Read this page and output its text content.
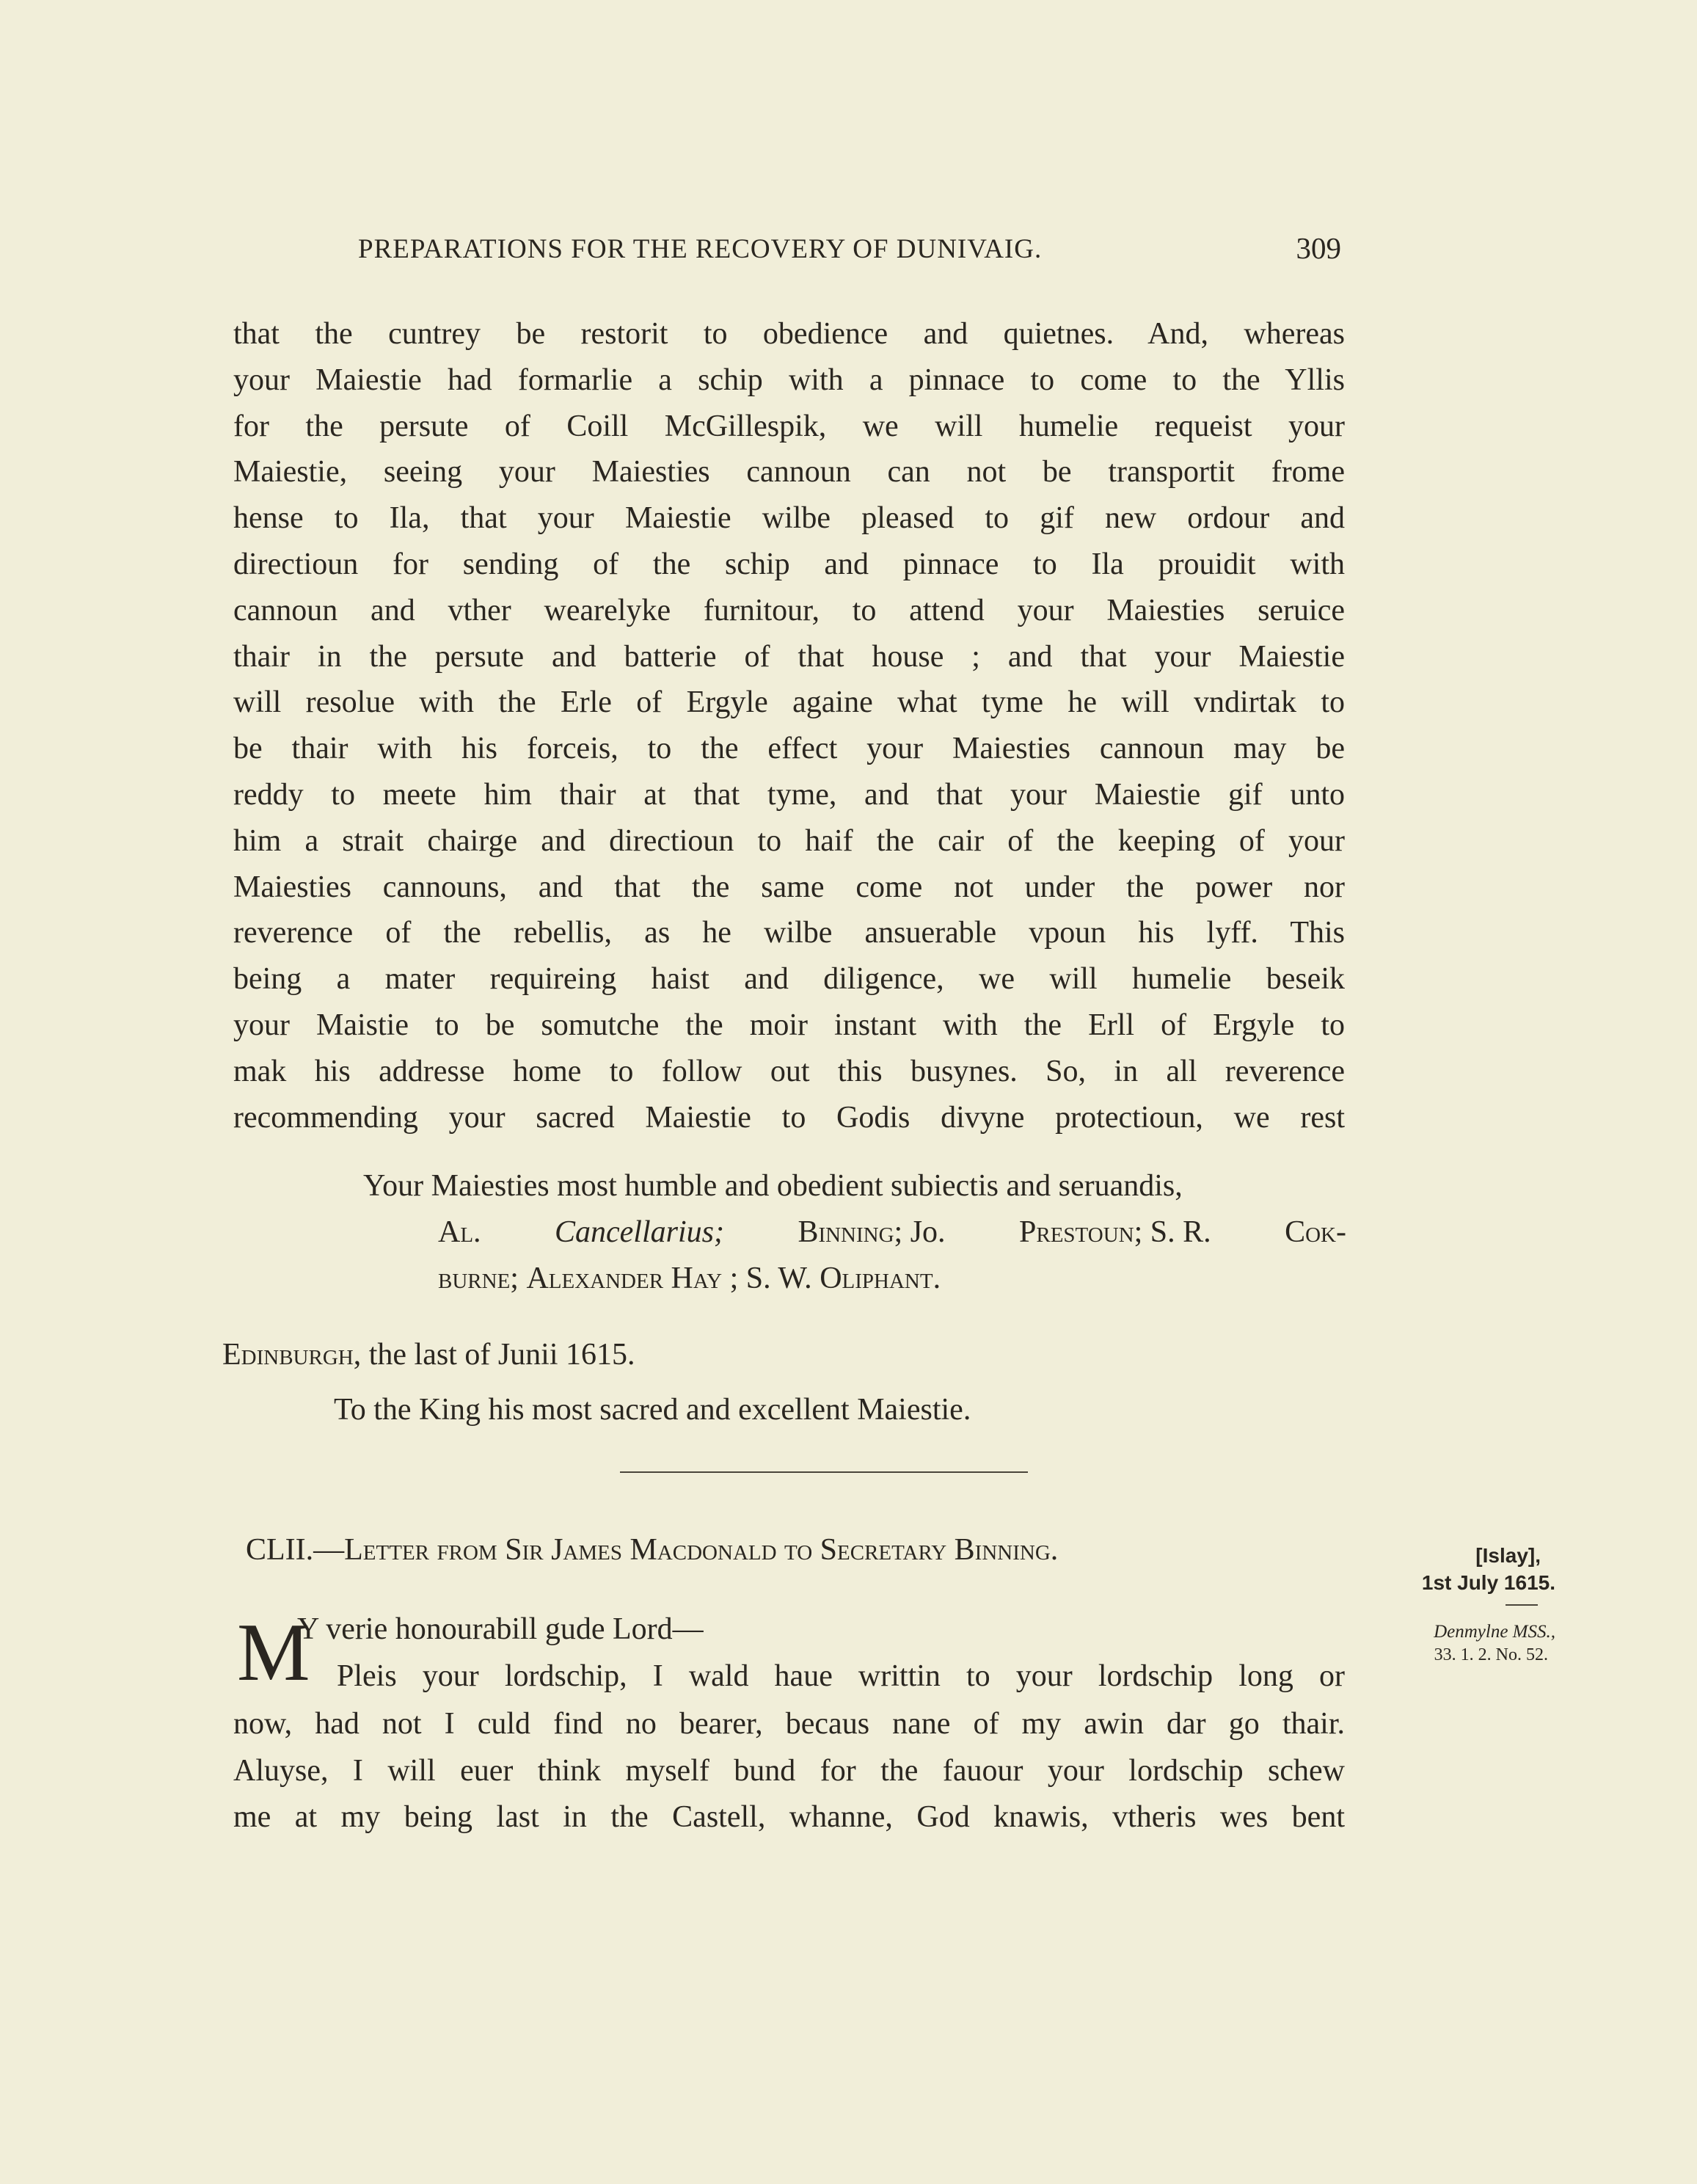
PREPARATIONS FOR THE RECOVERY OF DUNIVAIG.	309
that the cuntrey be restorit to obedience and quietnes. And, whereas
your Maiestie had formarlie a schip with a pinnace to come to the Yllis
for the persute of Coill McGillespik, we will humelie requeist your
Maiestie, seeing your Maiesties cannoun can not be transportit frome
hense to Ila, that your Maiestie wilbe pleased to gif new ordour and
directioun for sending of the schip and pinnace to Ila prouidit with
cannoun and vther wearelyke furnitour, to attend your Maiesties seruice
thair in the persute and batterie of that house ; and that your Maiestie
will resolue with the Erle of Ergyle againe what tyme he will vndirtak to
be thair with his forceis, to the effect your Maiesties cannoun may be
reddy to meete him thair at that tyme, and that your Maiestie gif unto
him a strait chairge and directioun to haif the cair of the keeping of your
Maiesties cannouns, and that the same come not under the power nor
reverence of the rebellis, as he wilbe ansuerable vpoun his lyff. This
being a mater requireing haist and diligence, we will humelie beseik
your Maistie to be somutche the moir instant with the Erll of Ergyle to
mak his addresse home to follow out this busynes. So, in all reverence
recommending your sacred Maiestie to Godis divyne protectioun, we rest
Your Maiesties most humble and obedient subiectis and seruandis,
Al. Cancellarius; Binning; Jo. Prestoun; S. R. Cok-
burne; Alexander Hay ; S. W. Oliphant.
Edinburgh, the last of Junii 1615.
To the King his most sacred and excellent Maiestie.
CLII.—Letter from Sir James Macdonald to Secretary Binning.	[Islay],
1st July 1615.
Denmylne MSS.,
33. 1. 2. No. 52.
M
Y verie honourabill gude Lord—
Pleis your lordschip, I wald haue writtin to your lordschip long or
now, had not I culd find no bearer, becaus nane of my awin dar go thair.
Aluyse, I will euer think myself bund for the fauour your lordschip schew
me at my being last in the Castell, whanne, God knawis, vtheris wes bent
